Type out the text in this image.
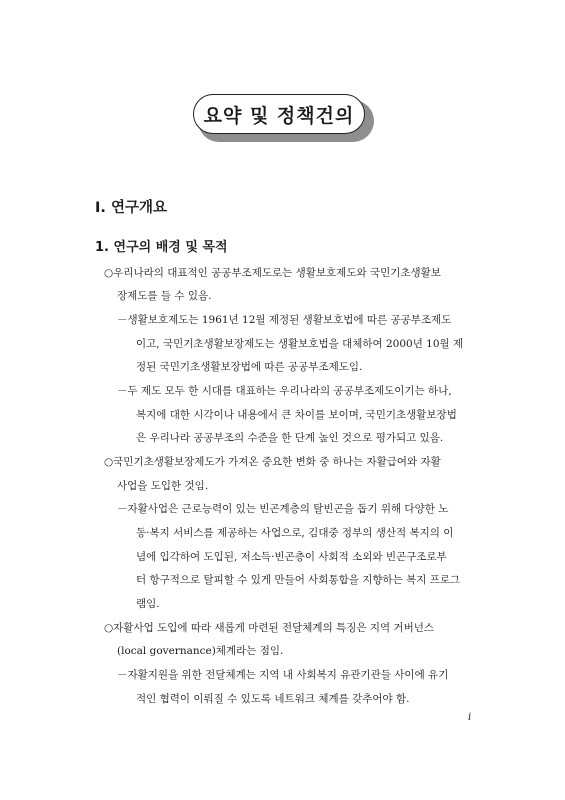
요약 및 정책건의
Ⅰ. 연구개요
1. 연구의 배경 및 목적
○우리나라의 대표적인 공공부조제도로는 생활보호제도와 국민기초생활보
장제도를 들 수 있음.
－생활보호제도는 1961년 12월 제정된 생활보호법에 따른 공공부조제도
이고, 국민기초생활보장제도는 생활보호법을 대체하여 2000년 10월 제
정된 국민기초생활보장법에 따른 공공부조제도임.
－두 제도 모두 한 시대를 대표하는 우리나라의 공공부조제도이기는 하나,
복지에 대한 시각이나 내용에서 큰 차이를 보이며, 국민기초생활보장법
은 우리나라 공공부조의 수준을 한 단계 높인 것으로 평가되고 있음.
○국민기초생활보장제도가 가져온 중요한 변화 중 하나는 자활급여와 자활
사업을 도입한 것임.
－자활사업은 근로능력이 있는 빈곤계층의 탈빈곤을 돕기 위해 다양한 노
동·복지 서비스를 제공하는 사업으로, 김대중 정부의 생산적 복지의 이
념에 입각하여 도입된, 저소득·빈곤층이 사회적 소외와 빈곤구조로부
터 항구적으로 탈피할 수 있게 만들어 사회통합을 지향하는 복지 프로그
램임.
○자활사업 도입에 따라 새롭게 마련된 전달체계의 특징은 지역 거버넌스
(local governance)체계라는 점임.
－자활지원을 위한 전달체계는 지역 내 사회복지 유관기관들 사이에 유기
적인 협력이 이뤄질 수 있도록 네트워크 체계를 갖추어야 함.
i
